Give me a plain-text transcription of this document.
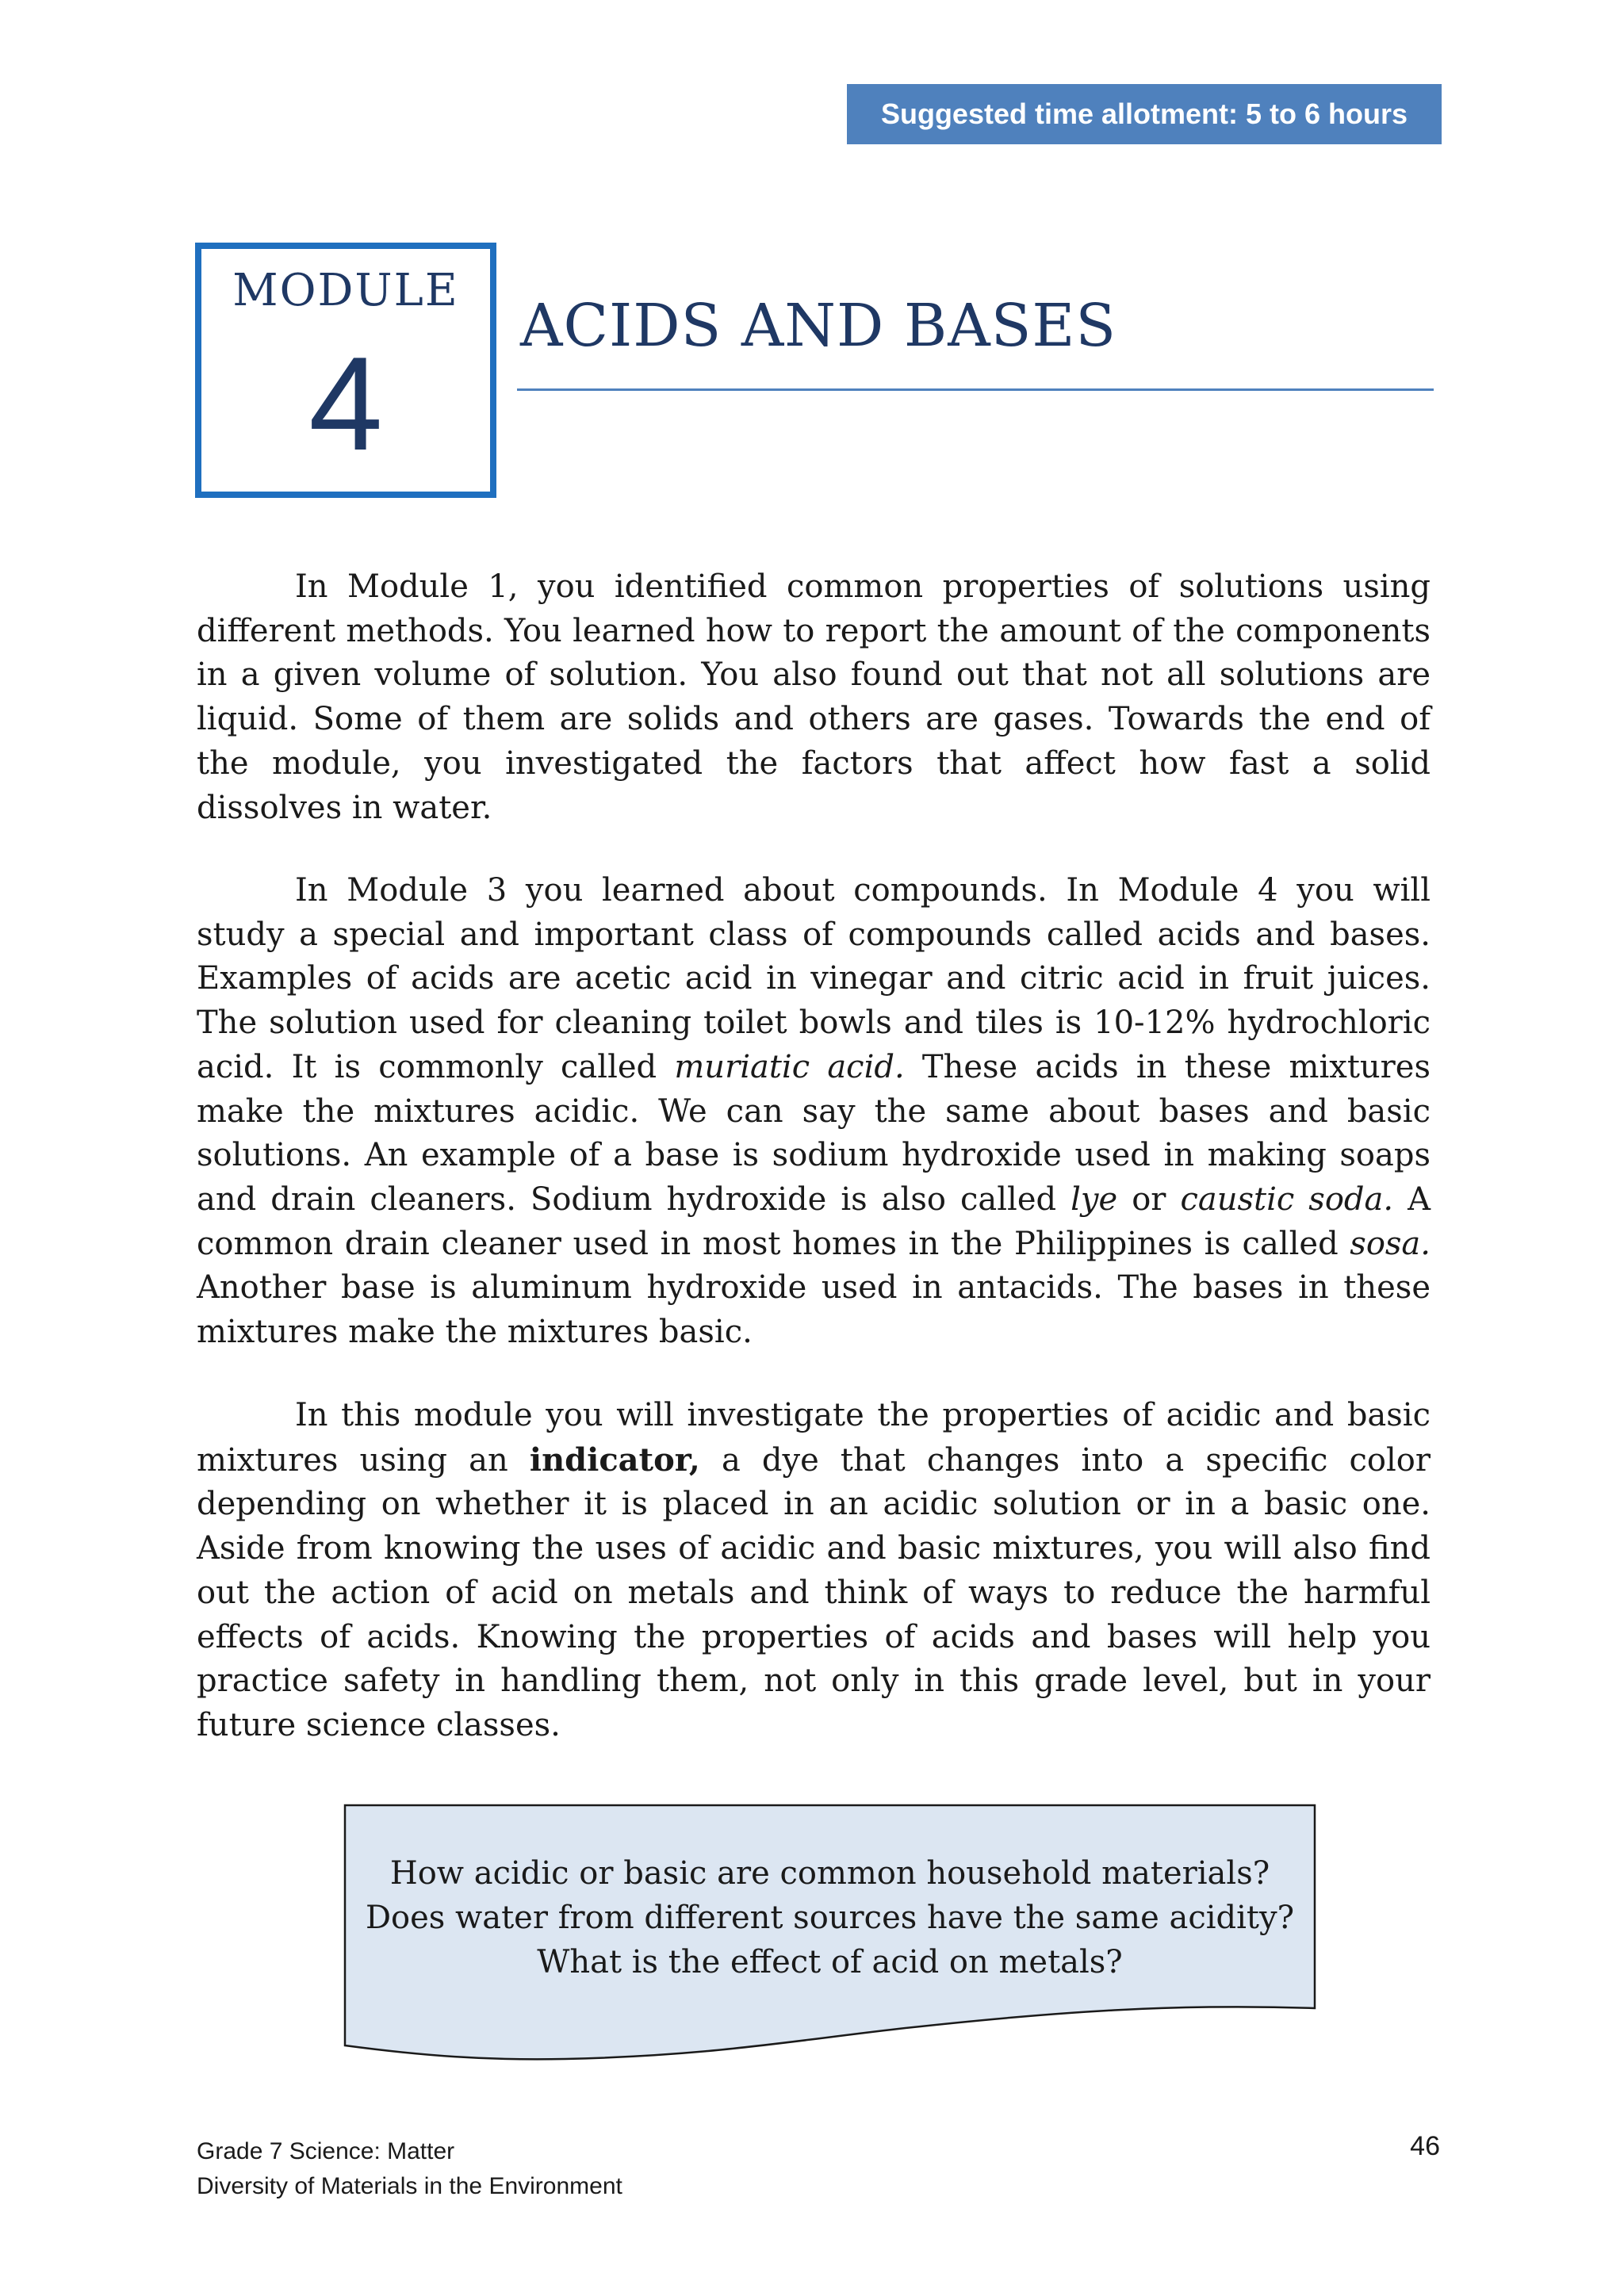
Suggested time allotment: 5 to 6 hours
MODULE
4
ACIDS AND BASES

In Module 1, you identified common properties of solutions using different methods. You learned how to report the amount of the components in a given volume of solution. You also found out that not all solutions are liquid. Some of them are solids and others are gases. Towards the end of the module, you investigated the factors that affect how fast a solid dissolves in water.

In Module 3 you learned about compounds. In Module 4 you will study a special and important class of compounds called acids and bases. Examples of acids are acetic acid in vinegar and citric acid in fruit juices. The solution used for cleaning toilet bowls and tiles is 10-12% hydrochloric acid. It is commonly called muriatic acid. These acids in these mixtures make the mixtures acidic. We can say the same about bases and basic solutions. An example of a base is sodium hydroxide used in making soaps and drain cleaners. Sodium hydroxide is also called lye or caustic soda. A common drain cleaner used in most homes in the Philippines is called sosa. Another base is aluminum hydroxide used in antacids. The bases in these mixtures make the mixtures basic.

In this module you will investigate the properties of acidic and basic mixtures using an indicator, a dye that changes into a specific color depending on whether it is placed in an acidic solution or in a basic one. Aside from knowing the uses of acidic and basic mixtures, you will also find out the action of acid on metals and think of ways to reduce the harmful effects of acids. Knowing the properties of acids and bases will help you practice safety in handling them, not only in this grade level, but in your future science classes.

How acidic or basic are common household materials?
Does water from different sources have the same acidity?
What is the effect of acid on metals?
Grade 7 Science: Matter
Diversity of Materials in the Environment
46
